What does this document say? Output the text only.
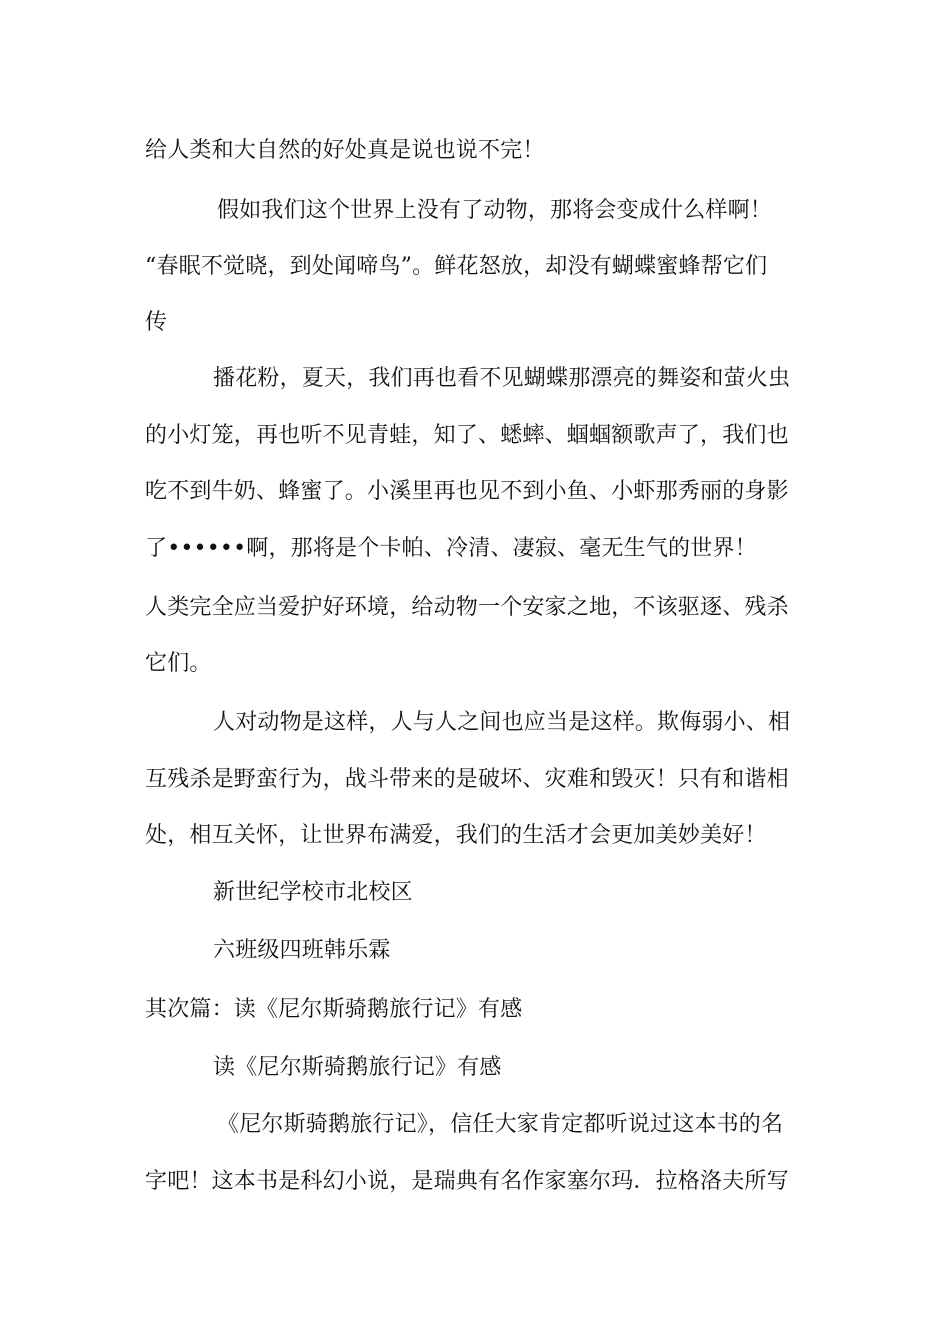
给人类和大自然的好处真是说也说不完！
假如我们这个世界上没有了动物，那将会变成什么样啊！
“春眠不觉晓，到处闻啼鸟”。鲜花怒放，却没有蝴蝶蜜蜂帮它们
传
播花粉，夏天，我们再也看不见蝴蝶那漂亮的舞姿和萤火虫
的小灯笼，再也听不见青蛙，知了、蟋蟀、蝈蝈额歌声了，我们也
吃不到牛奶、蜂蜜了。小溪里再也见不到小鱼、小虾那秀丽的身影
了••••••啊，那将是个卡帕、冷清、凄寂、毫无生气的世界！
人类完全应当爱护好环境，给动物一个安家之地，不该驱逐、残杀
它们。
人对动物是这样，人与人之间也应当是这样。欺侮弱小、相
互残杀是野蛮行为，战斗带来的是破坏、灾难和毁灭！只有和谐相
处，相互关怀，让世界布满爱，我们的生活才会更加美妙美好！
新世纪学校市北校区
六班级四班韩乐霖
其次篇：读《尼尔斯骑鹅旅行记》有感
读《尼尔斯骑鹅旅行记》有感
《尼尔斯骑鹅旅行记》，信任大家肯定都听说过这本书的名
字吧！这本书是科幻小说，是瑞典有名作家塞尔玛．拉格洛夫所写
